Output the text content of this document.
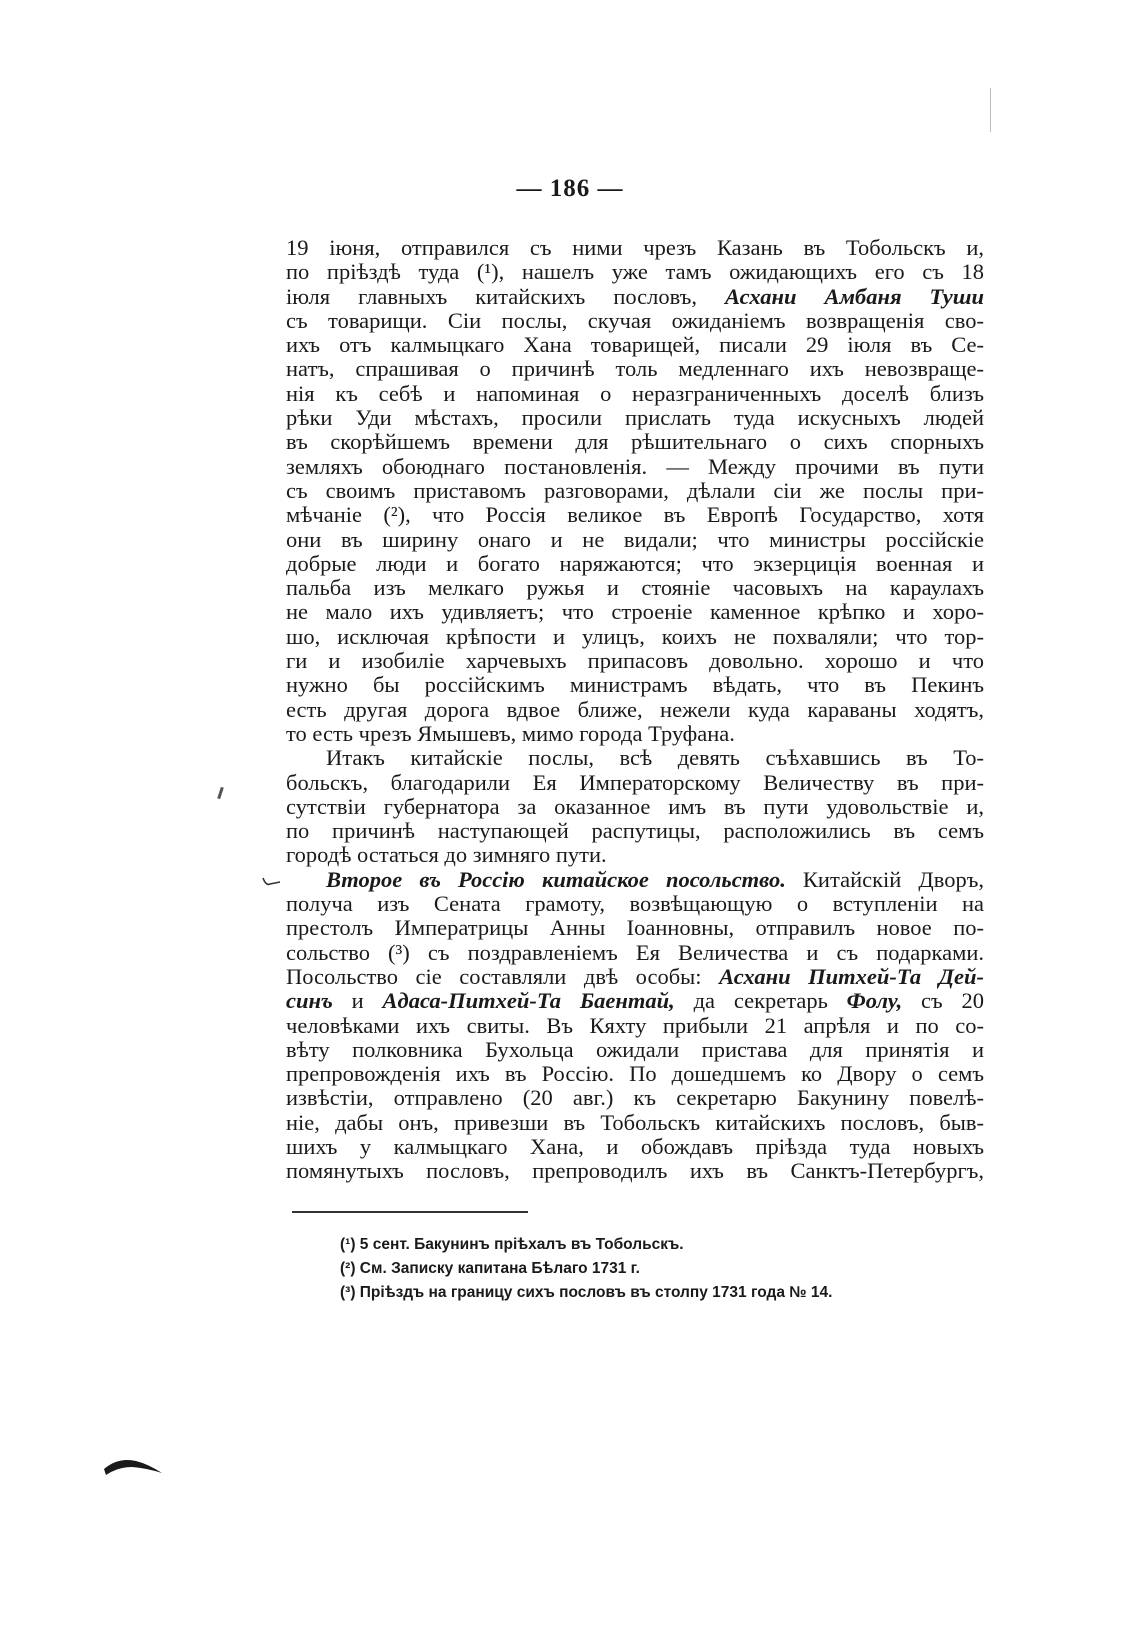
— 186 —
19 іюня, отправился съ ними чрезъ Казань въ Тобольскъ и,
по пріѣздѣ туда (¹), нашелъ уже тамъ ожидающихъ его съ 18
іюля главныхъ китайскихъ пословъ, Асхани Амбаня Туши
съ товарищи. Сіи послы, скучая ожиданіемъ возвращенія сво-
ихъ отъ калмыцкаго Хана товарищей, писали 29 іюля въ Се-
натъ, спрашивая о причинѣ толь медленнаго ихъ невозвраще-
нія къ себѣ и напоминая о неразграниченныхъ доселѣ близъ
рѣки Уди мѣстахъ, просили прислать туда искусныхъ людей
въ скорѣйшемъ времени для рѣшительнаго о сихъ спорныхъ
земляхъ обоюднаго постановленія. — Между прочими въ пути
съ своимъ приставомъ разговорами, дѣлали сіи же послы при-
мѣчаніе (²), что Россія великое въ Европѣ Государство, хотя
они въ ширину онаго и не видали; что министры россійскіе
добрые люди и богато наряжаются; что экзерциція военная и
пальба изъ мелкаго ружья и стояніе часовыхъ на караулахъ
не мало ихъ удивляетъ; что строеніе каменное крѣпко и хоро-
шо, исключая крѣпости и улицъ, коихъ не похваляли; что тор-
ги и изобиліе харчевыхъ припасовъ довольно. хорошо и что
нужно бы россійскимъ министрамъ вѣдать, что въ Пекинъ
есть другая дорога вдвое ближе, нежели куда караваны ходятъ,
то есть чрезъ Ямышевъ, мимо города Труфана.
Итакъ китайскіе послы, всѣ девять съѣхавшись въ То-
больскъ, благодарили Ея Императорскому Величеству въ при-
сутствіи губернатора за оказанное имъ въ пути удовольствіе и,
по причинѣ наступающей распутицы, расположились въ семъ
городѣ остаться до зимняго пути.
Второе въ Россію китайское посольство. Китайскій Дворъ,
получа изъ Сената грамоту, возвѣщающую о вступленіи на
престолъ Императрицы Анны Іоанновны, отправилъ новое по-
сольство (³) съ поздравленіемъ Ея Величества и съ подарками.
Посольство сіе составляли двѣ особы: Асхани Питхей-Та Дей-
синъ и Адаса-Питхей-Та Баентай, да секретарь Фолу, съ 20
человѣками ихъ свиты. Въ Кяхту прибыли 21 апрѣля и по со-
вѣту полковника Бухольца ожидали пристава для принятія и
препровожденія ихъ въ Россію. По дошедшемъ ко Двору о семъ
извѣстіи, отправлено (20 авг.) къ секретарю Бакунину повелѣ-
ніе, дабы онъ, привезши въ Тобольскъ китайскихъ пословъ, быв-
шихъ у калмыцкаго Хана, и обождавъ пріѣзда туда новыхъ
помянутыхъ пословъ, препроводилъ ихъ въ Санктъ-Петербургъ,
(¹) 5 сент. Бакунинъ пріѣхалъ въ Тобольскъ.
(²) См. Записку капитана Бѣлаго 1731 г.
(³) Пріѣздъ на границу сихъ пословъ въ столпу 1731 года № 14.
